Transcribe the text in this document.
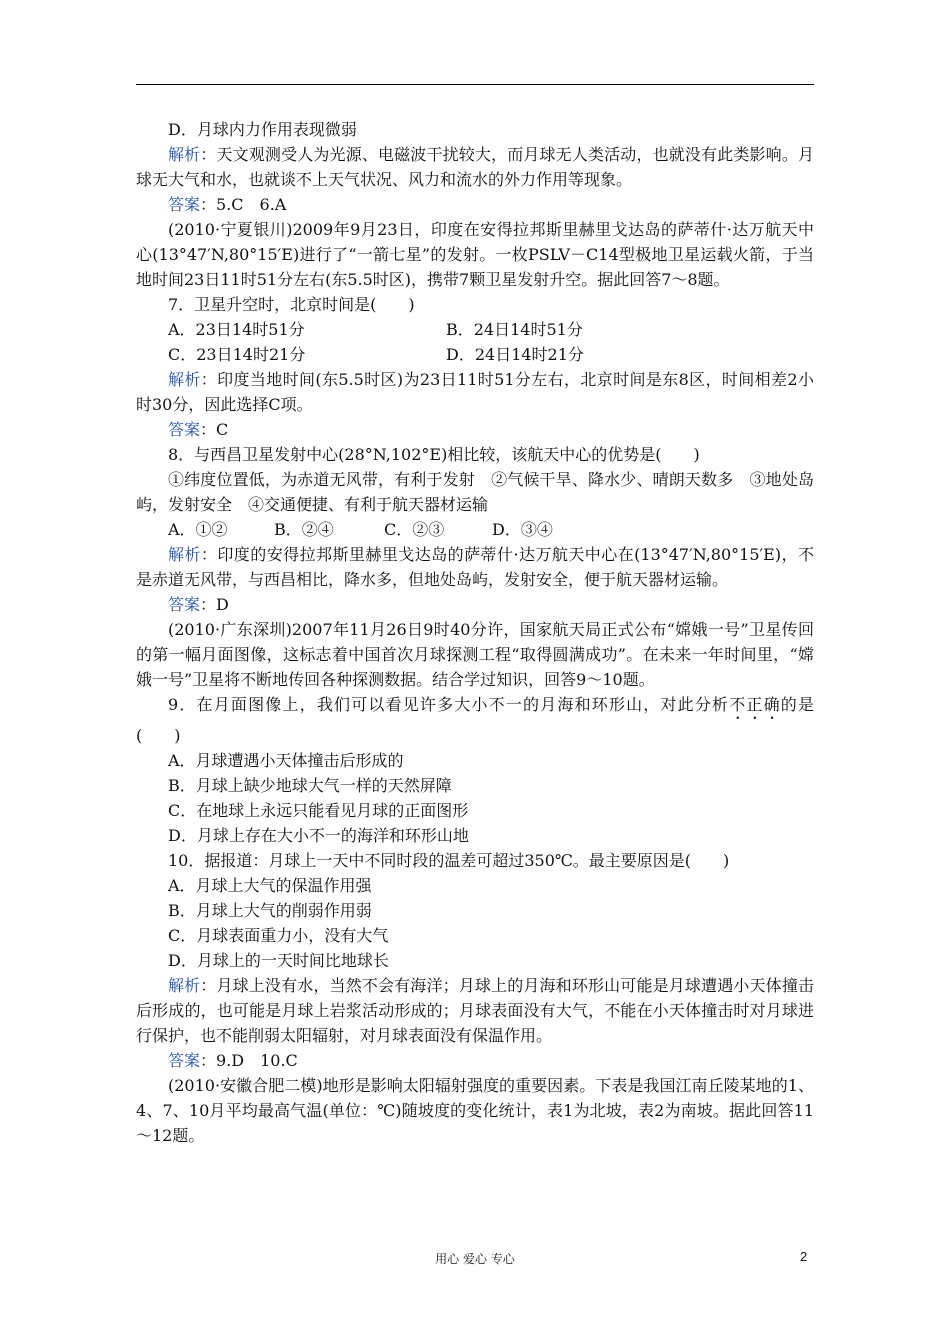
D．月球内力作用表现微弱

解析：天文观测受人为光源、电磁波干扰较大，而月球无人类活动，也就没有此类影响。月球无大气和水，也就谈不上天气状况、风力和流水的外力作用等现象。

答案：5.C　6.A

(2010·宁夏银川)2009年9月23日，印度在安得拉邦斯里赫里戈达岛的萨蒂什·达万航天中心(13°47′N,80°15′E)进行了“一箭七星”的发射。一枚PSLV－C14型极地卫星运载火箭，于当地时间23日11时51分左右(东5.5时区)，携带7颗卫星发射升空。据此回答7～8题。

7．卫星升空时，北京时间是(　　)

A．23日14时51分	B．24日14时51分
C．23日14时21分	D．24日14时21分

解析：印度当地时间(东5.5时区)为23日11时51分左右，北京时间是东8区，时间相差2小时30分，因此选择C项。

答案：C

8．与西昌卫星发射中心(28°N,102°E)相比较，该航天中心的优势是(　　)

①纬度位置低，为赤道无风带，有利于发射　②气候干旱、降水少、晴朗天数多　③地处岛屿，发射安全　④交通便捷、有利于航天器材运输

A．①②	B．②④	C．②③	D．③④

解析：印度的安得拉邦斯里赫里戈达岛的萨蒂什·达万航天中心在(13°47′N,80°15′E)，不是赤道无风带，与西昌相比，降水多，但地处岛屿，发射安全，便于航天器材运输。

答案：D

(2010·广东深圳)2007年11月26日9时40分许，国家航天局正式公布“嫦娥一号”卫星传回的第一幅月面图像，这标志着中国首次月球探测工程“取得圆满成功”。在未来一年时间里，“嫦娥一号”卫星将不断地传回各种探测数据。结合学过知识，回答9～10题。

9．在月面图像上，我们可以看见许多大小不一的月海和环形山，对此分析不正确的是(　　)

A．月球遭遇小天体撞击后形成的

B．月球上缺少地球大气一样的天然屏障

C．在地球上永远只能看见月球的正面图形

D．月球上存在大小不一的海洋和环形山地

10．据报道：月球上一天中不同时段的温差可超过350℃。最主要原因是(　　)

A．月球上大气的保温作用强

B．月球上大气的削弱作用弱

C．月球表面重力小，没有大气

D．月球上的一天时间比地球长

解析：月球上没有水，当然不会有海洋；月球上的月海和环形山可能是月球遭遇小天体撞击后形成的，也可能是月球上岩浆活动形成的；月球表面没有大气，不能在小天体撞击时对月球进行保护，也不能削弱太阳辐射，对月球表面没有保温作用。

答案：9.D　10.C

(2010·安徽合肥二模)地形是影响太阳辐射强度的重要因素。下表是我国江南丘陵某地的1、4、7、10月平均最高气温(单位：℃)随坡度的变化统计，表1为北坡，表2为南坡。据此回答11～12题。

用心 爱心 专心	2
